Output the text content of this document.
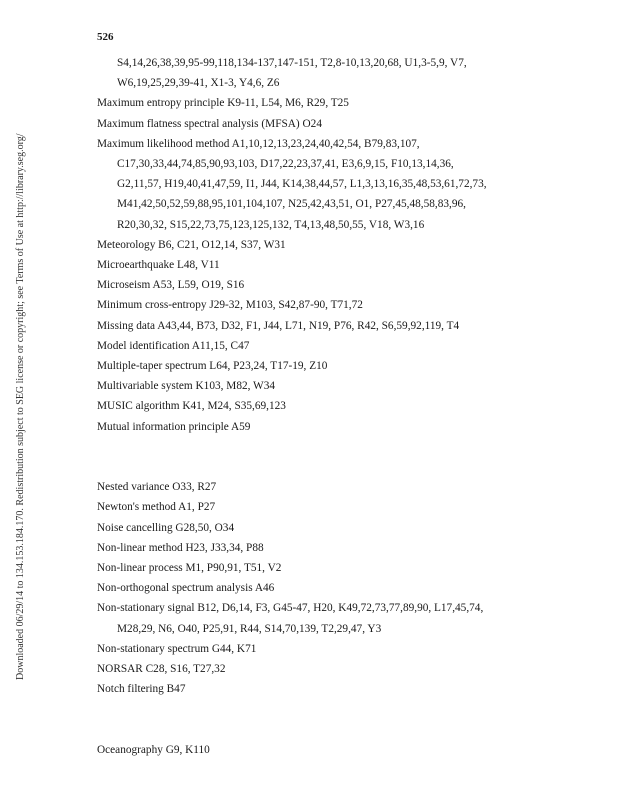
Downloaded 06/29/14 to 134.153.184.170. Redistribution subject to SEG license or copyright; see Terms of Use at http://library.seg.org/
526
S4,14,26,38,39,95-99,118,134-137,147-151, T2,8-10,13,20,68, U1,3-5,9, V7,
W6,19,25,29,39-41, X1-3, Y4,6, Z6
Maximum entropy principle K9-11, L54, M6, R29, T25
Maximum flatness spectral analysis (MFSA) O24
Maximum likelihood method A1,10,12,13,23,24,40,42,54, B79,83,107,
C17,30,33,44,74,85,90,93,103, D17,22,23,37,41, E3,6,9,15, F10,13,14,36,
G2,11,57, H19,40,41,47,59, I1, J44, K14,38,44,57, L1,3,13,16,35,48,53,61,72,73,
M41,42,50,52,59,88,95,101,104,107, N25,42,43,51, O1, P27,45,48,58,83,96,
R20,30,32, S15,22,73,75,123,125,132, T4,13,48,50,55, V18, W3,16
Meteorology B6, C21, O12,14, S37, W31
Microearthquake L48, V11
Microseism A53, L59, O19, S16
Minimum cross-entropy J29-32, M103, S42,87-90, T71,72
Missing data A43,44, B73, D32, F1, J44, L71, N19, P76, R42, S6,59,92,119, T4
Model identification A11,15, C47
Multiple-taper spectrum L64, P23,24, T17-19, Z10
Multivariable system K103, M82, W34
MUSIC algorithm K41, M24, S35,69,123
Mutual information principle A59
Nested variance O33, R27
Newton's method A1, P27
Noise cancelling G28,50, O34
Non-linear method H23, J33,34, P88
Non-linear process M1, P90,91, T51, V2
Non-orthogonal spectrum analysis A46
Non-stationary signal B12, D6,14, F3, G45-47, H20, K49,72,73,77,89,90, L17,45,74,
M28,29, N6, O40, P25,91, R44, S14,70,139, T2,29,47, Y3
Non-stationary spectrum G44, K71
NORSAR C28, S16, T27,32
Notch filtering B47
Oceanography G9, K110
